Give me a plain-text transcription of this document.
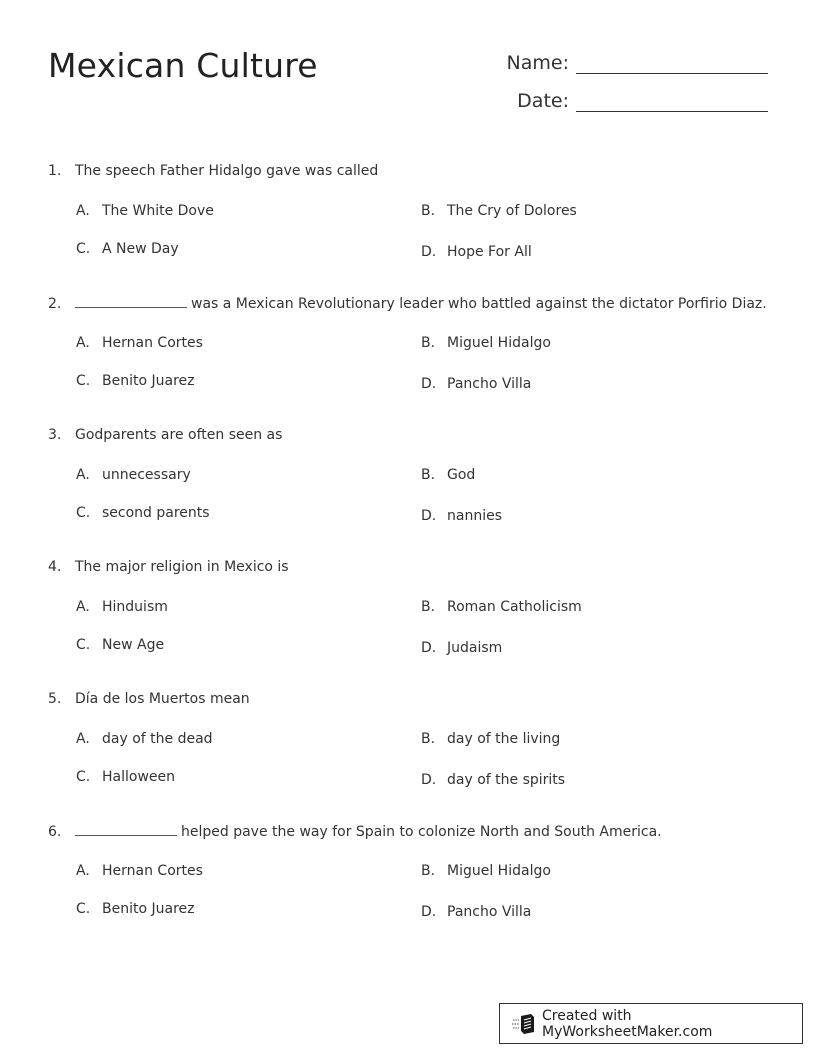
Mexican Culture	Name:
Date:
1. The speech Father Hidalgo gave was called
A. The White Dove	B. The Cry of Dolores
C. A New Day	D. Hope For All
2.	was a Mexican Revolutionary leader who battled against the dictator Porfirio Diaz.
A. Hernan Cortes	B. Miguel Hidalgo
C. Benito Juarez	D. Pancho Villa
3. Godparents are often seen as
A. unnecessary	B. God
C. second parents	D. nannies
4. The major religion in Mexico is
A. Hinduism	B. Roman Catholicism
C. New Age	D. Judaism
5. Día de los Muertos mean
A. day of the dead	B. day of the living
C. Halloween	D. day of the spirits
6.	helped pave the way for Spain to colonize North and South America.
A. Hernan Cortes	B. Miguel Hidalgo
C. Benito Juarez	D. Pancho Villa
Created with MyWorksheetMaker.com
